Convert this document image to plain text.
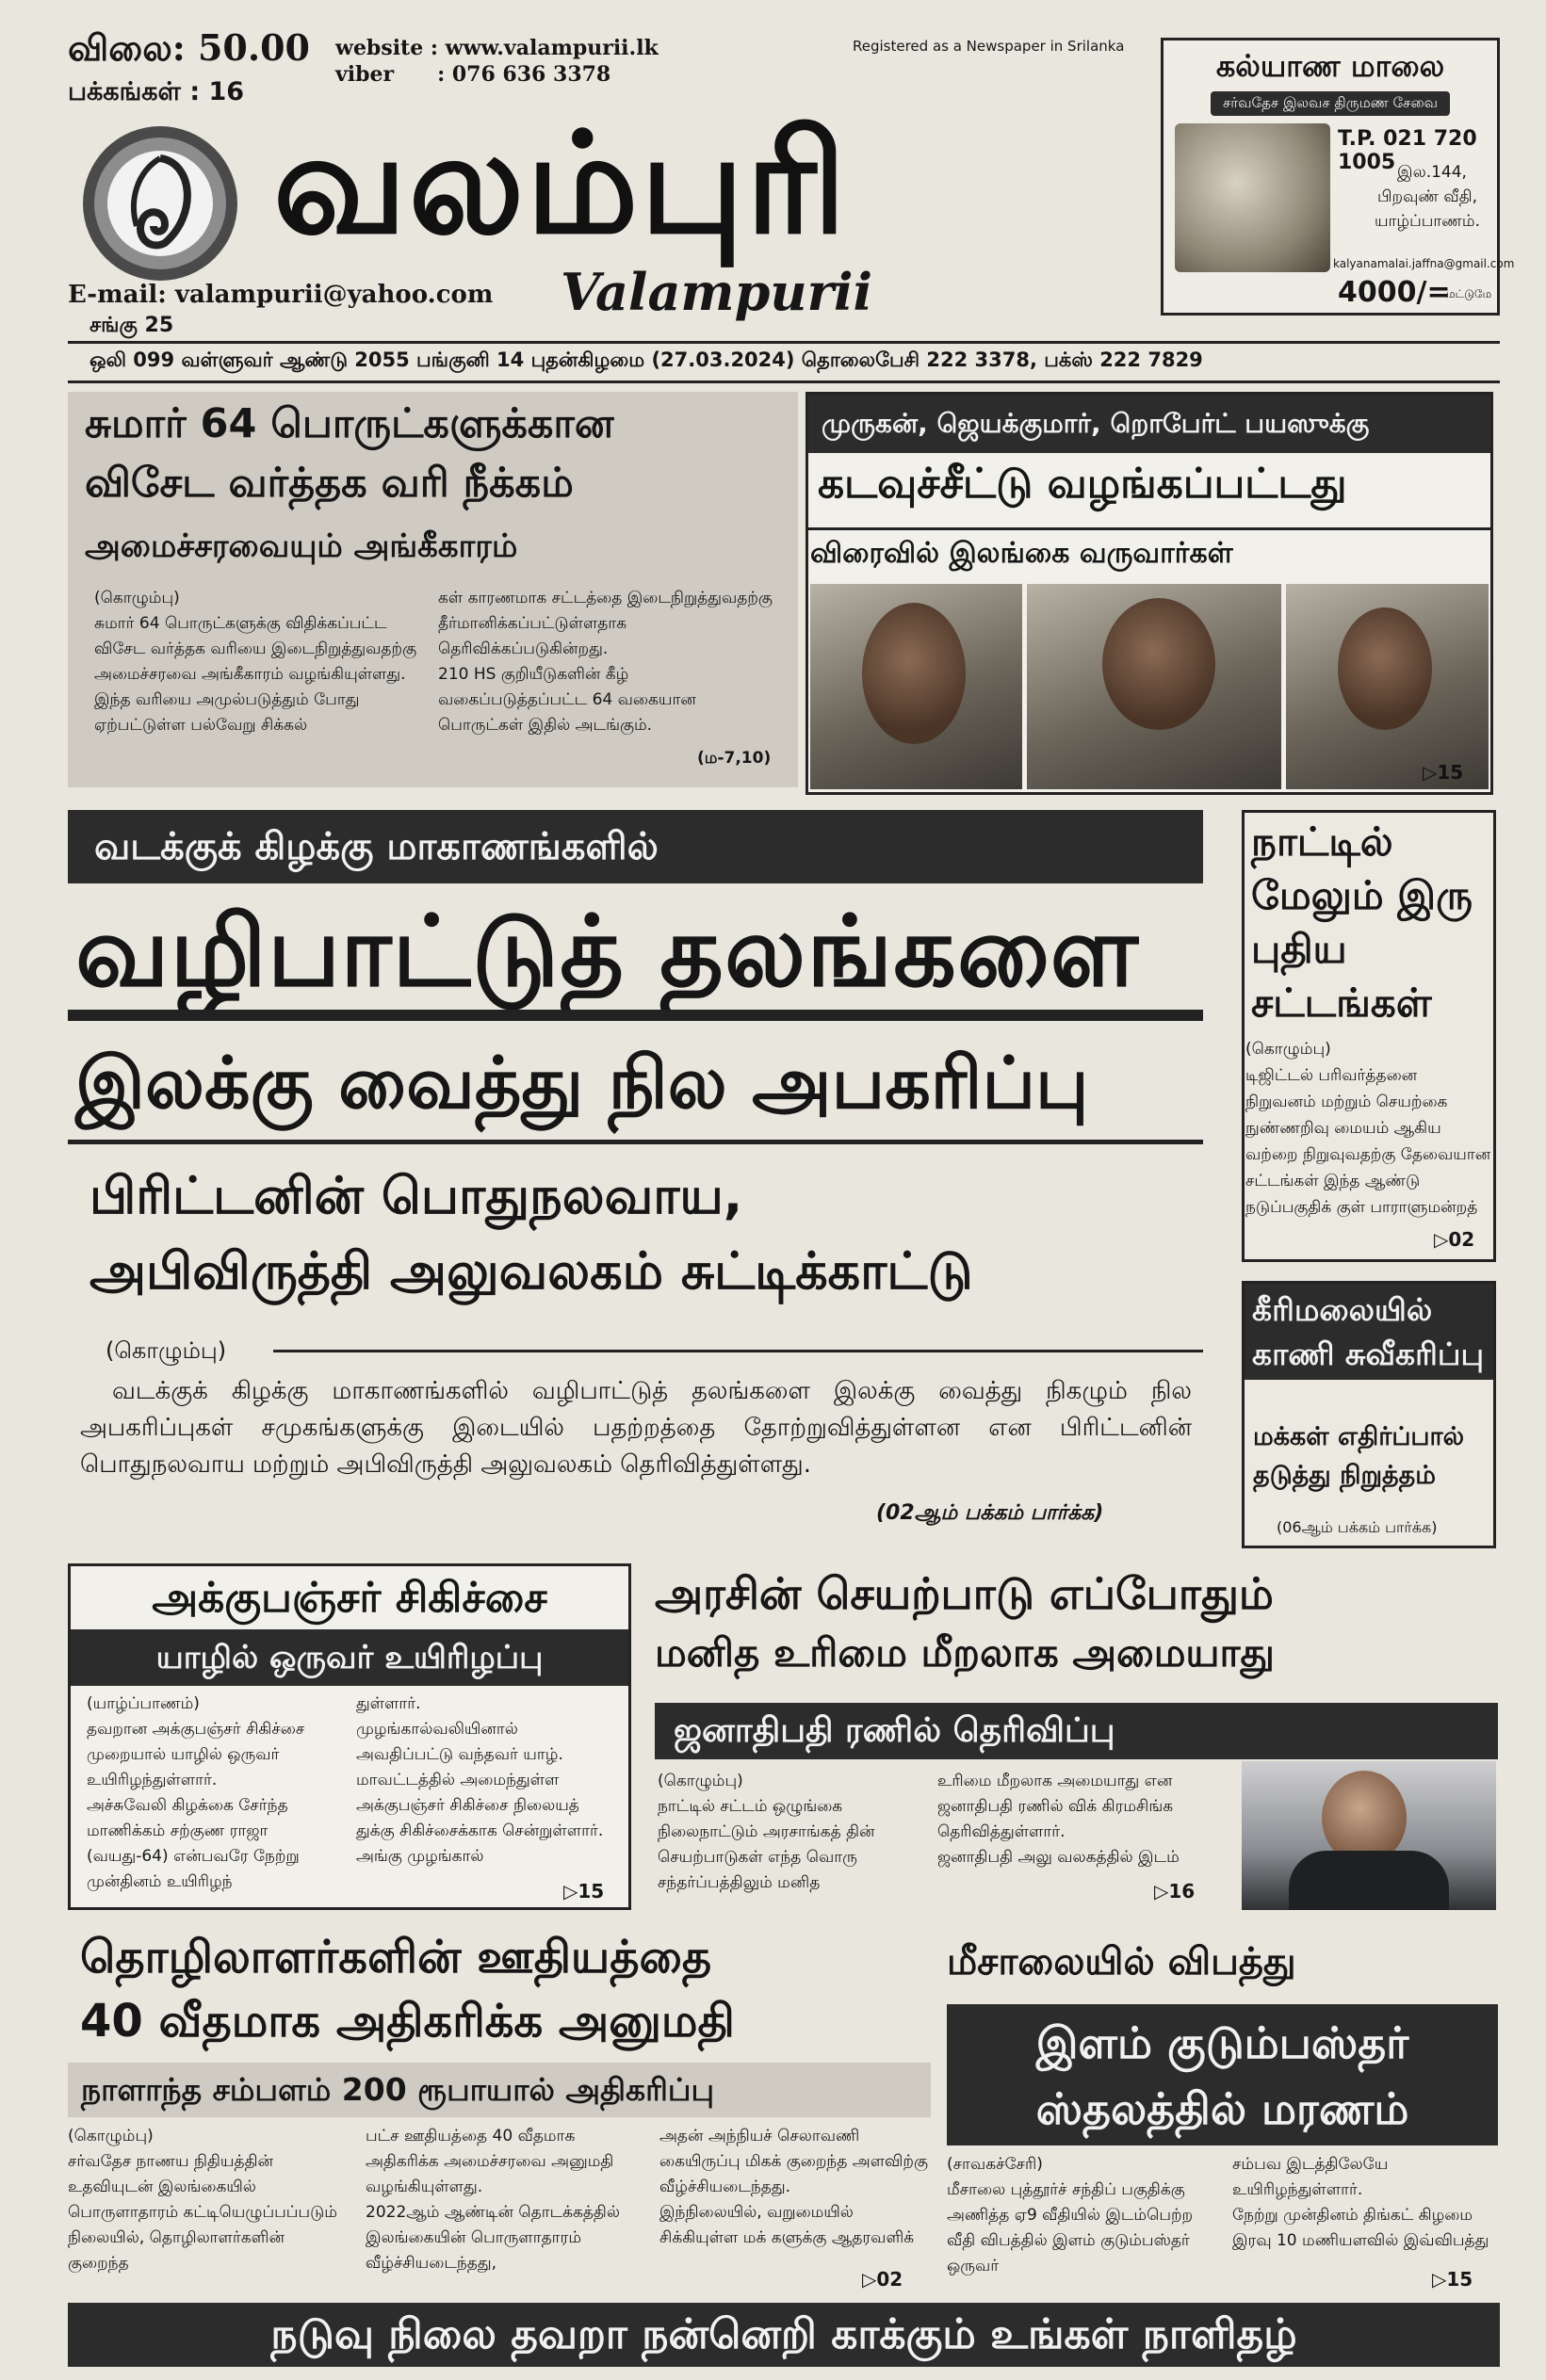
விலை: 50.00
பக்கங்கள் : 16
website : www.valampurii.lk
viber      : 076 636 3378
Registered as a Newspaper in Srilanka
வலம்புரி
Valampurii
E-mail: valampurii@yahoo.com
சங்கு 25
கல்யாண மாலை
சர்வதேச இலவச திருமண சேவை
T.P. 021 720 1005 இல.144,
பிறவுண் வீதி,
யாழ்ப்பாணம்.
kalyanamalai.jaffna@gmail.com
4000/=
மட்டுமே
ஒலி 099 வள்ளுவர் ஆண்டு 2055 பங்குனி 14 புதன்கிழமை (27.03.2024) தொலைபேசி 222 3378, பக்ஸ் 222 7829
சுமார் 64 பொருட்களுக்கான
விசேட வர்த்தக வரி நீக்கம்
அமைச்சரவையும் அங்கீகாரம்
(கொழும்பு)
சுமார் 64 பொருட்களுக்கு விதிக்கப்பட்ட விசேட வர்த்தக வரியை இடைநிறுத்துவதற்கு அமைச்சரவை அங்கீகாரம் வழங்கியுள்ளது.
இந்த வரியை அமுல்படுத்தும் போது ஏற்பட்டுள்ள பல்வேறு சிக்கல்
கள் காரணமாக சட்டத்தை இடைநிறுத்துவதற்கு தீர்மானிக்கப்பட்டுள்ளதாக தெரிவிக்கப்படுகின்றது.
210 HS குறியீடுகளின் கீழ் வகைப்படுத்தப்பட்ட 64 வகையான பொருட்கள் இதில் அடங்கும்.
(ம-7,10)
முருகன், ஜெயக்குமார், றொபேர்ட் பயஸுக்கு
கடவுச்சீட்டு வழங்கப்பட்டது
விரைவில் இலங்கை வருவார்கள்
▷15
வடக்குக் கிழக்கு மாகாணங்களில்
வழிபாட்டுத் தலங்களை
இலக்கு வைத்து நில அபகரிப்பு
பிரிட்டனின் பொதுநலவாய,
அபிவிருத்தி அலுவலகம் சுட்டிக்காட்டு
(கொழும்பு)
வடக்குக் கிழக்கு மாகாணங்களில் வழிபாட்டுத் தலங்களை இலக்கு வைத்து நிகழும் நில அபகரிப்புகள் சமுகங்களுக்கு இடையில் பதற்றத்தை தோற்றுவித்துள்ளன என பிரிட்டனின் பொதுநலவாய மற்றும் அபிவிருத்தி அலுவலகம் தெரிவித்துள்ளது.
(02ஆம் பக்கம் பார்க்க)
நாட்டில் மேலும் இரு புதிய சட்டங்கள்
(கொழும்பு)
டிஜிட்டல் பரிவர்த்தனை நிறுவனம் மற்றும் செயற்கை நுண்ணறிவு மையம் ஆகிய வற்றை நிறுவுவதற்கு தேவையான சட்டங்கள் இந்த ஆண்டு நடுப்பகுதிக் குள் பாராளுமன்றத்
▷02
கீரிமலையில் காணி சுவீகரிப்பு
மக்கள் எதிர்ப்பால் தடுத்து நிறுத்தம்
(06ஆம் பக்கம் பார்க்க)
அக்குபஞ்சர் சிகிச்சை
யாழில் ஒருவர் உயிரிழப்பு
(யாழ்ப்பாணம்)
தவறான அக்குபஞ்சர் சிகிச்சை முறையால் யாழில் ஒருவர் உயிரிழந்துள்ளார்.
அச்சுவேலி கிழக்கை சேர்ந்த மாணிக்கம் சற்குண ராஜா (வயது-64) என்பவரே நேற்று முன்தினம் உயிரிழந்
துள்ளார்.
முழங்கால்வலியினால் அவதிப்பட்டு வந்தவர் யாழ். மாவட்டத்தில் அமைந்துள்ள அக்குபஞ்சர் சிகிச்சை நிலையத் துக்கு சிகிச்சைக்காக சென்றுள்ளார்.
அங்கு முழங்கால்
▷15
அரசின் செயற்பாடு எப்போதும்
மனித உரிமை மீறலாக அமையாது
ஜனாதிபதி ரணில் தெரிவிப்பு
(கொழும்பு)
நாட்டில் சட்டம் ஒழுங்கை நிலைநாட்டும் அரசாங்கத் தின் செயற்பாடுகள் எந்த வொரு சந்தர்ப்பத்திலும் மனித
உரிமை மீறலாக அமையாது என ஜனாதிபதி ரணில் விக் கிரமசிங்க தெரிவித்துள்ளார்.
ஜனாதிபதி அலு வலகத்தில் இடம்
▷16
தொழிலாளர்களின் ஊதியத்தை
40 வீதமாக அதிகரிக்க அனுமதி
நாளாந்த சம்பளம் 200 ரூபாயால் அதிகரிப்பு
(கொழும்பு)
சர்வதேச நாணய நிதியத்தின் உதவியுடன் இலங்கையில் பொருளாதாரம் கட்டியெழுப்பப்படும் நிலையில், தொழிலாளர்களின் குறைந்த
பட்ச ஊதியத்தை 40 வீதமாக அதிகரிக்க அமைச்சரவை அனுமதி வழங்கியுள்ளது.
2022ஆம் ஆண்டின் தொடக்கத்தில் இலங்கையின் பொருளாதாரம் வீழ்ச்சியடைந்தது,
அதன் அந்நியச் செலாவணி கையிருப்பு மிகக் குறைந்த அளவிற்கு வீழ்ச்சியடைந்தது.
இந்நிலையில், வறுமையில் சிக்கியுள்ள மக் களுக்கு ஆதரவளிக்
▷02
மீசாலையில் விபத்து
இளம் குடும்பஸ்தர்
ஸ்தலத்தில் மரணம்
(சாவகச்சேரி)
மீசாலை புத்தூர்ச் சந்திப் பகுதிக்கு அணித்த ஏ9 வீதியில் இடம்பெற்ற வீதி விபத்தில் இளம் குடும்பஸ்தர் ஒருவர்
சம்பவ இடத்திலேயே உயிரிழந்துள்ளார்.
நேற்று முன்தினம் திங்கட் கிழமை இரவு 10 மணியளவில் இவ்விபத்து
▷15
நடுவு நிலை தவறா நன்னெறி காக்கும் உங்கள் நாளிதழ்
